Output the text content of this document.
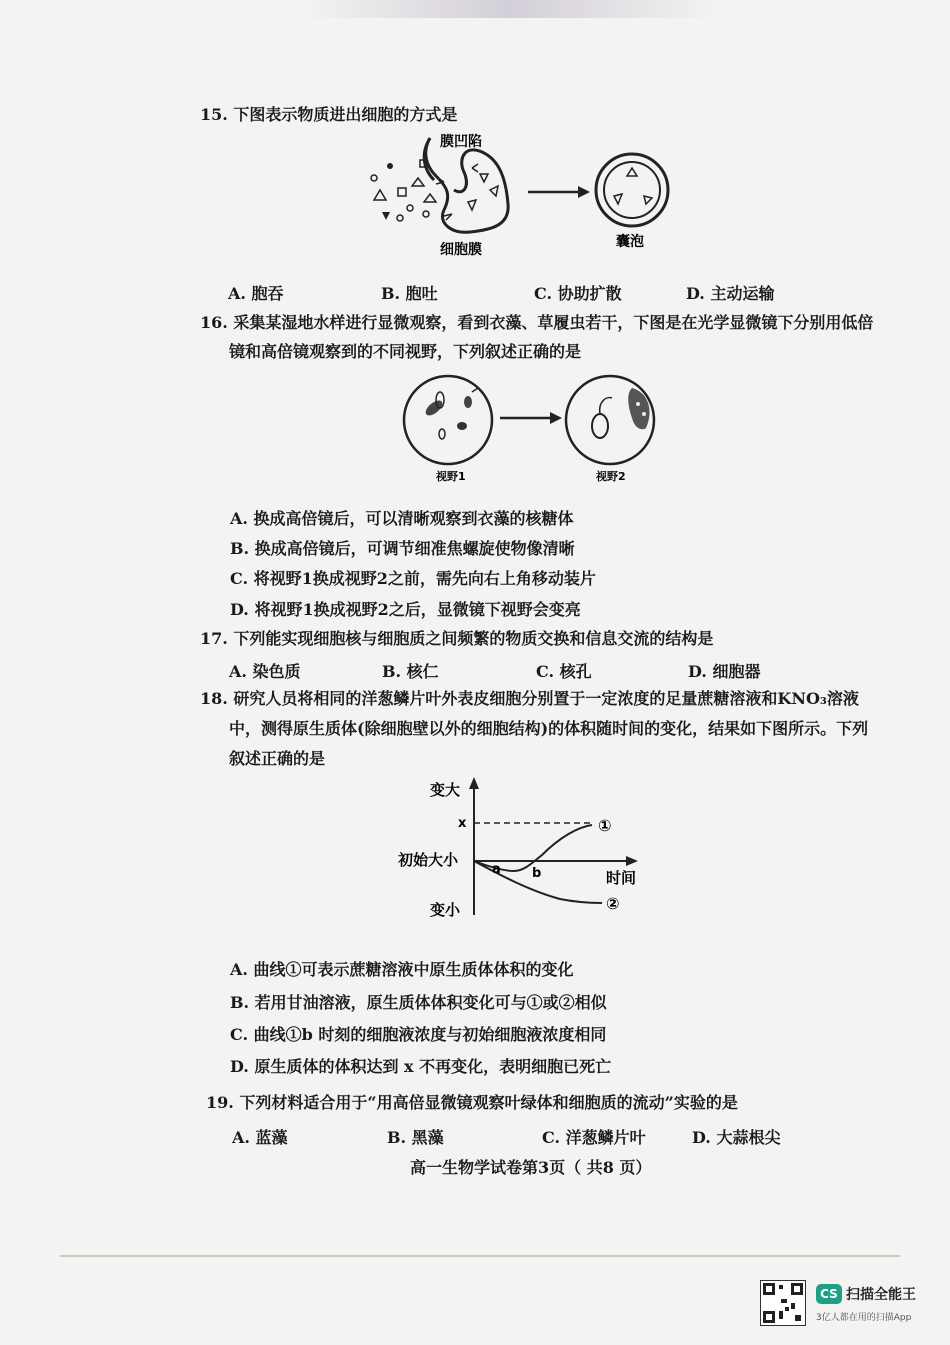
15. 下图表示物质进出细胞的方式是
膜凹陷
细胞膜	囊泡
A. 胞吞	B. 胞吐	C. 协助扩散	D. 主动运输
16. 采集某湿地水样进行显微观察，看到衣藻、草履虫若干，下图是在光学显微镜下分别用低倍
镜和高倍镜观察到的不同视野，下列叙述正确的是
视野1	视野2
A. 换成高倍镜后，可以清晰观察到衣藻的核糖体
B. 换成高倍镜后，可调节细准焦螺旋使物像清晰
C. 将视野1换成视野2之前，需先向右上角移动装片
D. 将视野1换成视野2之后，显微镜下视野会变亮
17. 下列能实现细胞核与细胞质之间频繁的物质交换和信息交流的结构是
A. 染色质	B. 核仁	C. 核孔	D. 细胞器
18. 研究人员将相同的洋葱鳞片叶外表皮细胞分别置于一定浓度的足量蔗糖溶液和KNO₃溶液
中，测得原生质体(除细胞壁以外的细胞结构)的体积随时间的变化，结果如下图所示。下列
叙述正确的是
变大
x
初始大小
时间
变小
a b
①
②
A. 曲线①可表示蔗糖溶液中原生质体体积的变化
B. 若用甘油溶液，原生质体体积变化可与①或②相似
C. 曲线①b 时刻的细胞液浓度与初始细胞液浓度相同
D. 原生质体的体积达到 x 不再变化，表明细胞已死亡
19. 下列材料适合用于“用高倍显微镜观察叶绿体和细胞质的流动”实验的是
A. 蓝藻	B. 黑藻	C. 洋葱鳞片叶	D. 大蒜根尖
高一生物学试卷第3页（ 共8 页）
CS 扫描全能王
3亿人都在用的扫描App
